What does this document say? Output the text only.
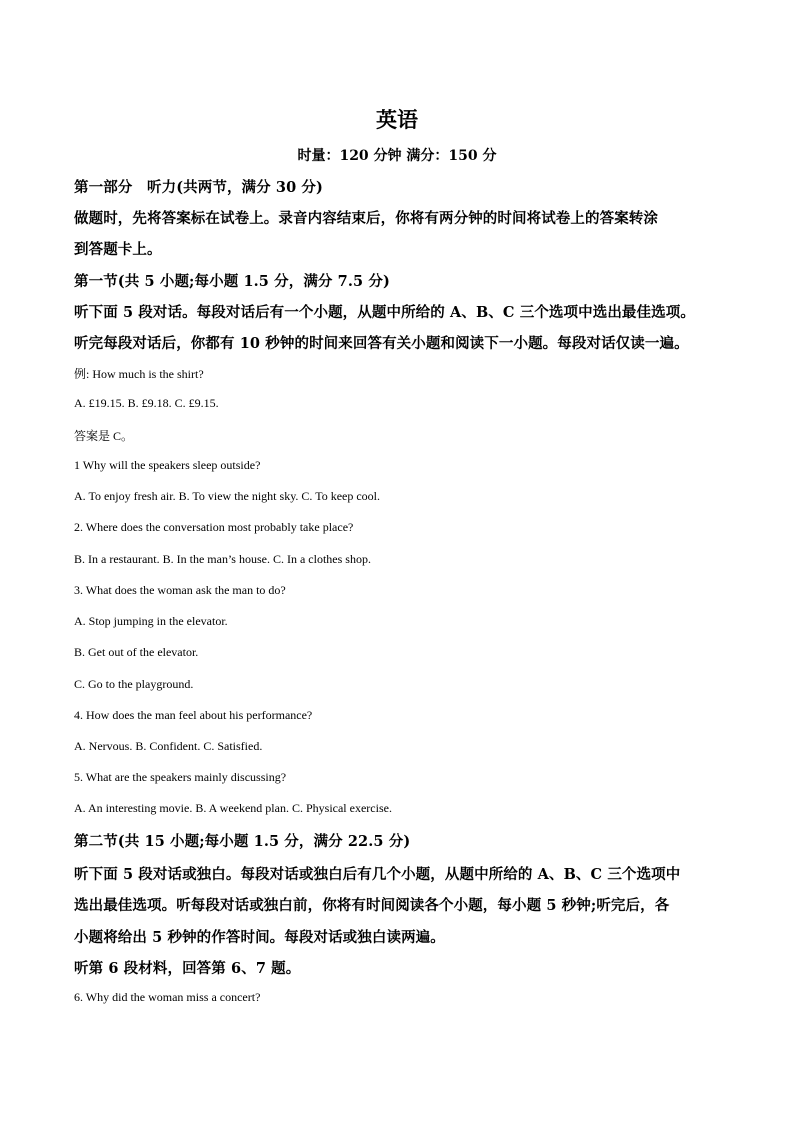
英语
时量：120 分钟 满分：150 分
第一部分　听力(共两节，满分 30 分)
做题时，先将答案标在试卷上。录音内容结束后，你将有两分钟的时间将试卷上的答案转涂
到答题卡上。
第一节(共 5 小题;每小题 1.5 分，满分 7.5 分)
听下面 5 段对话。每段对话后有一个小题，从题中所给的 A、B、C 三个选项中选出最佳选项。
听完每段对话后，你都有 10 秒钟的时间来回答有关小题和阅读下一小题。每段对话仅读一遍。
例: How much is the shirt?
A. £19.15. B. £9.18. C. £9.15.
答案是 C。
1 Why will the speakers sleep outside?
A. To enjoy fresh air. B. To view the night sky. C. To keep cool.
2. Where does the conversation most probably take place?
B. In a restaurant. B. In the man’s house. C. In a clothes shop.
3. What does the woman ask the man to do?
A. Stop jumping in the elevator.
B. Get out of the elevator.
C. Go to the playground.
4. How does the man feel about his performance?
A. Nervous. B. Confident. C. Satisfied.
5. What are the speakers mainly discussing?
A. An interesting movie. B. A weekend plan. C. Physical exercise.
第二节(共 15 小题;每小题 1.5 分，满分 22.5 分)
听下面 5 段对话或独白。每段对话或独白后有几个小题，从题中所给的 A、B、C 三个选项中
选出最佳选项。听每段对话或独白前，你将有时间阅读各个小题，每小题 5 秒钟;听完后，各
小题将给出 5 秒钟的作答时间。每段对话或独白读两遍。
听第 6 段材料，回答第 6、7 题。
6. Why did the woman miss a concert?
